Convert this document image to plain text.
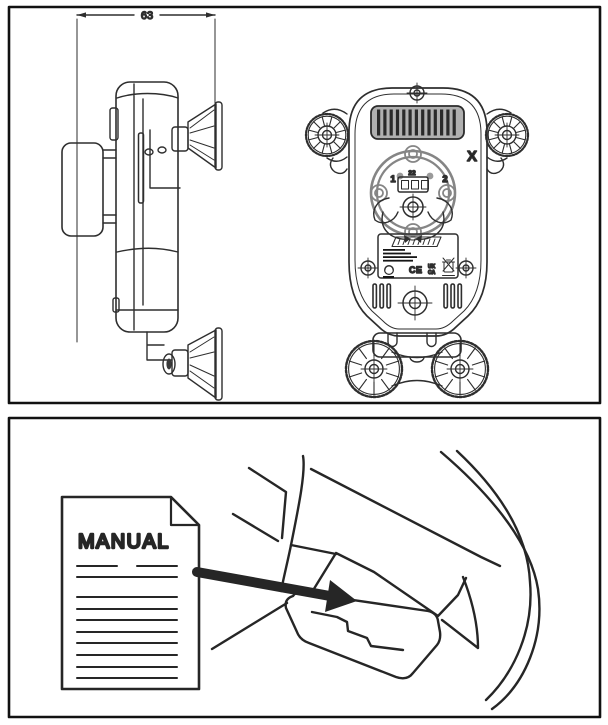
63
X
1
22
2
CE UK
CA
MANUAL
